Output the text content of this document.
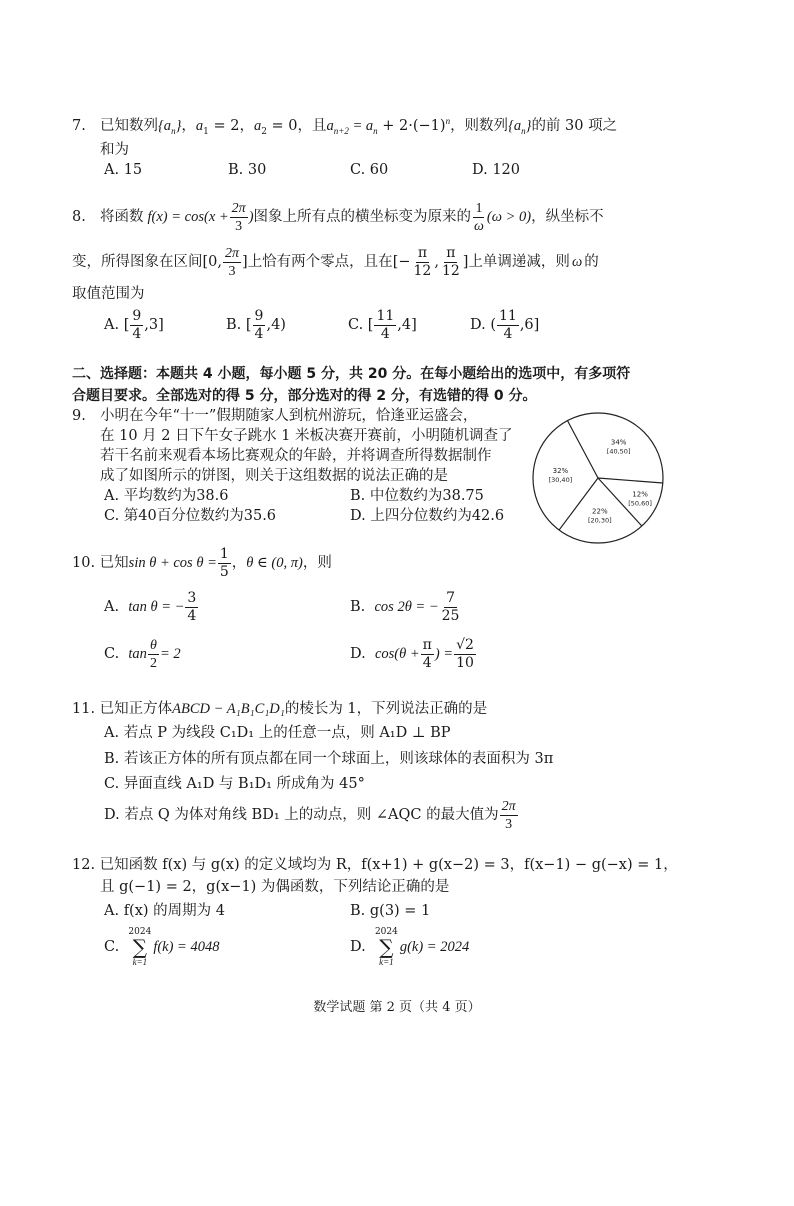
7. 已知数列$\{a_n\}$，$a_1 = 2$，$a_2 = 0$，且$a_{n+2} = a_n + 2\cdot(-1)^n$，则数列$\{a_n\}$的前 30 项之
和为
A. 15	B. 30	C. 60	D. 120
8. 将函数 $f(x) = \cos(x + \frac{2\pi}{3}$ ) 图象上所有点的横坐标变为原来的 $\frac{1}{\omega} (\omega > 0)$ ，纵坐标不
变，所得图象在区间 [0, $\frac{2\pi}{3}$ ] 上恰有两个零点，且在 [− $\frac{\pi}{12}$ , $\frac{\pi}{12}$ ] 上单调递减，则 ω 的
取值范围为
A.
[ $\frac{9}{4} ,3$]	B.
[ $\frac{9}{4} ,4$)	C.
[ $\frac{11}{4} ,4$]	D.
( $\frac{11}{4} ,6$]
二、选择题：本题共 4 小题，每小题 5 分，共 20 分。在每小题给出的选项中，有多项符
合题目要求。全部选对的得 5 分，部分选对的得 2 分，有选错的得 0 分。
9. 小明在今年“十一”假期随家人到杭州游玩，恰逢亚运盛会，
在 10 月 2 日下午女子跳水 1 米板决赛开赛前，小明随机调查了
若干名前来观看本场比赛观众的年龄，并将调查所得数据制作
成了如图所示的饼图，则关于这组数据的说法正确的是
A. 平均数约为38.6	B. 中位数约为38.75
C. 第40百分位数约为35.6	D. 上四分位数约为42.6
34%
[40,50]
12%
[50,60]
22%
[20,30]
32%
[30,40]
10.
已知 $\sin \theta + \cos \theta = \frac{1}{5}$ ， θ ∈ (0, π) ，则
A.
tan θ = − $\frac{3}{4}$	B.
cos 2θ = − $\frac{7}{25}$
C.
$\tan \frac{\theta}{2} = 2$	D.
$\cos(\theta + \frac{\pi}{4}$ ) = $\frac{√2}{10}$
11. 已知正方体ABCD − A₁B₁C₁D₁的棱长为 1，下列说法正确的是
A. 若点 P 为线段 C₁D₁ 上的任意一点，则 A₁D ⊥ BP
B. 若该正方体的所有顶点都在同一个球面上，则该球体的表面积为 3π
C. 异面直线 A₁D 与 B₁D₁ 所成角为 45°
D. 若点 Q 为体对角线 BD₁ 上的动点，则 ∠AQC 的最大值为 $\frac{2\pi}{3}$
12. 已知函数 f(x) 与 g(x) 的定义域均为 R，f(x+1) + g(x−2) = 3，f(x−1) − g(−x) = 1，
且 g(−1) = 2，g(x−1) 为偶函数，下列结论正确的是
A. f(x) 的周期为 4	B. g(3) = 1
C.

2024
∑
k=1
f(k) = 4048	D.

2024
∑
k=1
g(k) = 2024
数学试题 第 2 页（共 4 页）
